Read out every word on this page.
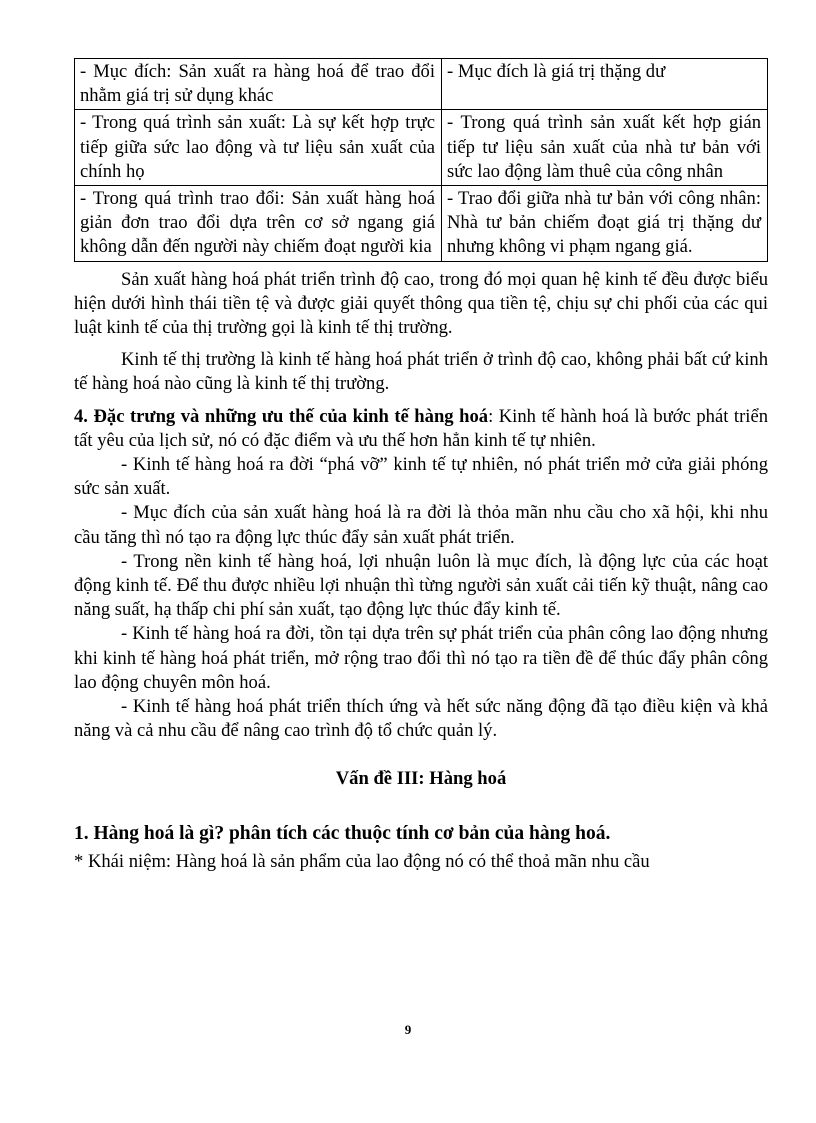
- Mục đích: Sản xuất ra hàng hoá để trao đổi nhằm giá trị sử dụng khác	- Mục đích là giá trị thặng dư
- Trong quá trình sản xuất: Là sự kết hợp trực tiếp giữa sức lao động và tư liệu sản xuất của chính họ	- Trong quá trình sản xuất kết hợp gián tiếp tư liệu sản xuất của nhà tư bản với sức lao động làm thuê của công nhân
- Trong quá trình trao đổi: Sản xuất hàng hoá giản đơn trao đổi dựa trên cơ sở ngang giá không dẫn đến người này chiếm đoạt người kia	- Trao đổi giữa nhà tư bản với công nhân: Nhà tư bản chiếm đoạt giá trị thặng dư nhưng không vi phạm ngang giá.

Sản xuất hàng hoá phát triển trình độ cao, trong đó mọi quan hệ kinh tế đều được biểu hiện dưới hình thái tiền tệ và được giải quyết thông qua tiền tệ, chịu sự chi phối của các qui luật kinh tế của thị trường gọi là kinh tế thị trường.

Kinh tế thị trường là kinh tế hàng hoá phát triển ở trình độ cao, không phải bất cứ kinh tế hàng hoá nào cũng là kinh tế thị trường.

4. Đặc trưng và những ưu thế của kinh tế hàng hoá: Kinh tế hành hoá là bước phát triển tất yêu của lịch sử, nó có đặc điểm và ưu thế hơn hẳn kinh tế tự nhiên.

- Kinh tế hàng hoá ra đời “phá vỡ” kinh tế tự nhiên, nó phát triển mở cửa giải phóng sức sản xuất.

- Mục đích của sản xuất hàng hoá là ra đời là thỏa mãn nhu cầu cho xã hội, khi nhu cầu tăng thì nó tạo ra động lực thúc đẩy sản xuất phát triển.

- Trong nền kinh tế hàng hoá, lợi nhuận luôn là mục đích, là động lực của các hoạt động kinh tế. Để thu được nhiều lợi nhuận thì từng người sản xuất cải tiến kỹ thuật, nâng cao năng suất, hạ thấp chi phí sản xuất, tạo động lực thúc đẩy kinh tế.

- Kinh tế hàng hoá ra đời, tồn tại dựa trên sự phát triển của phân công lao động nhưng khi kinh tế hàng hoá phát triển, mở rộng trao đổi thì nó tạo ra tiền đề để thúc đẩy phân công lao động chuyên môn hoá.

- Kinh tế hàng hoá phát triển thích ứng và hết sức năng động đã tạo điều kiện và khả năng và cả nhu cầu để nâng cao trình độ tổ chức quản lý.

Vấn đề III: Hàng hoá

1. Hàng hoá là gì? phân tích các thuộc tính cơ bản của hàng hoá.

* Khái niệm: Hàng hoá là sản phẩm của lao động nó có thể thoả mãn nhu cầu

9
